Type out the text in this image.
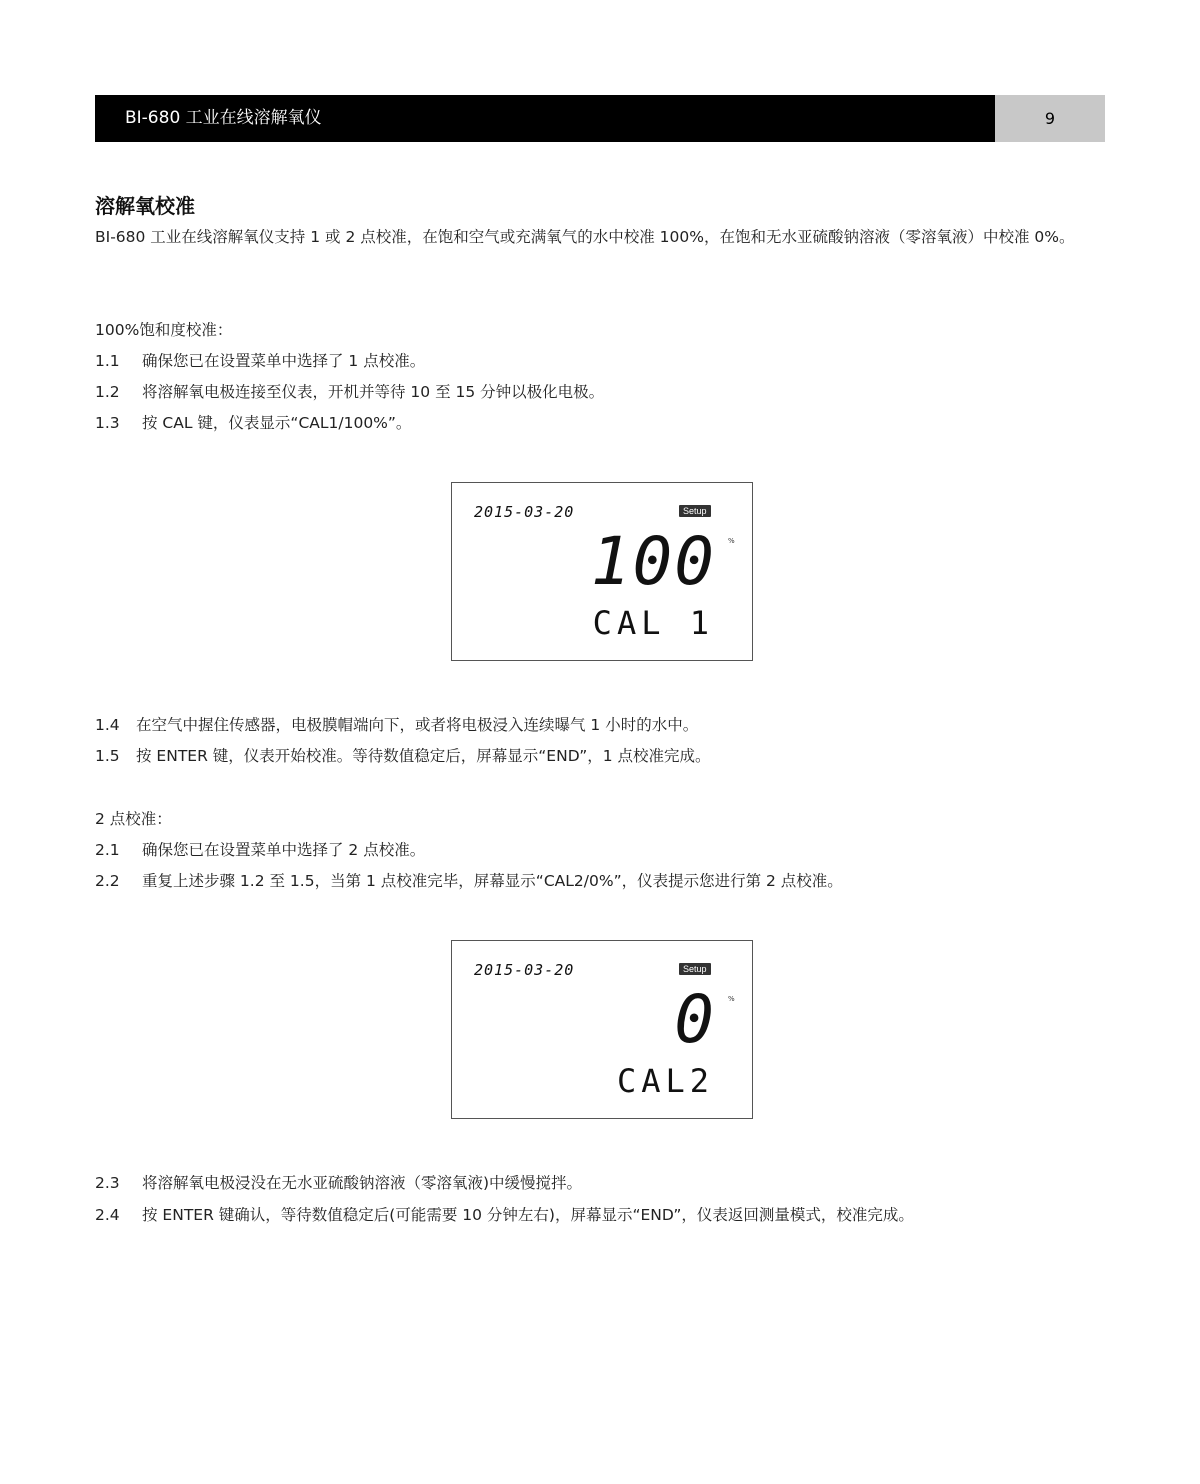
BI-680 工业在线溶解氧仪	9
溶解氧校准
BI-680 工业在线溶解氧仪支持 1 或 2 点校准，在饱和空气或充满氧气的水中校准 100%，在饱和无水亚硫酸钠溶液（零溶氧液）中校准 0%。
100%饱和度校准：
1.1 确保您已在设置菜单中选择了 1 点校准。
1.2 将溶解氧电极连接至仪表，开机并等待 10 至 15 分钟以极化电极。
1.3 按 CAL 键，仪表显示“CAL1/100%”。
2015-03-20	Setup
%
100
CAL 1
1.4 在空气中握住传感器，电极膜帽端向下，或者将电极浸入连续曝气 1 小时的水中。
1.5 按 ENTER 键，仪表开始校准。等待数值稳定后，屏幕显示“END”，1 点校准完成。
2 点校准：
2.1 确保您已在设置菜单中选择了 2 点校准。
2.2 重复上述步骤 1.2 至 1.5，当第 1 点校准完毕，屏幕显示“CAL2/0%”，仪表提示您进行第 2 点校准。
2015-03-20	Setup
%
0
CAL2
2.3 将溶解氧电极浸没在无水亚硫酸钠溶液（零溶氧液)中缓慢搅拌。
2.4 按 ENTER 键确认，等待数值稳定后(可能需要 10 分钟左右)，屏幕显示“END”，仪表返回测量模式，校准完成。
